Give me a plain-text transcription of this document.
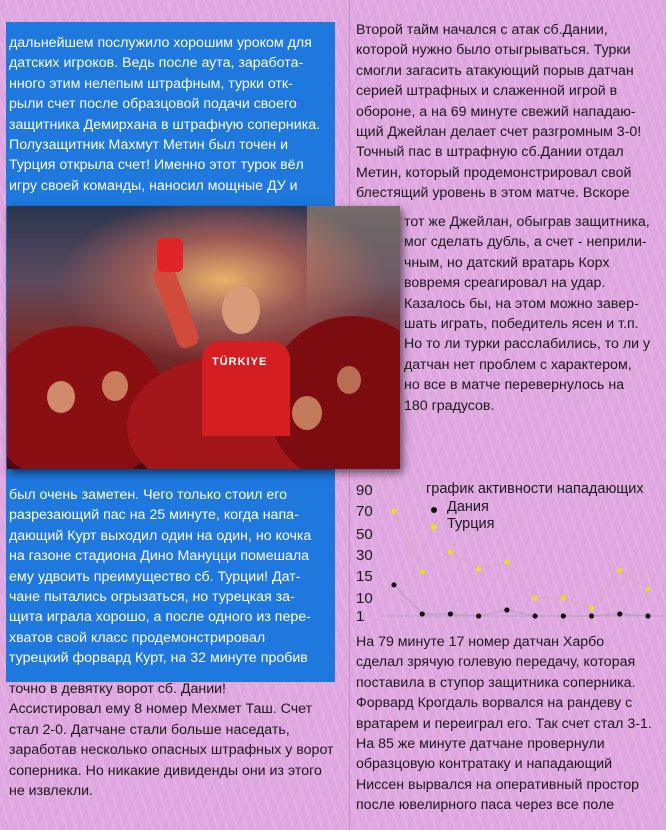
дальнейшем послужило хорошим уроком для
датских игроков. Ведь после аута, заработа-
нного этим нелепым штрафным, турки отк-
рыли счет после образцовой подачи своего
защитника Демирхана в штрафную соперника.
Полузащитник Махмут Метин был точен и
Турция открыла счет! Именно этот турок вёл
игру своей команды, наносил мощные ДУ и
TÜRKIYE
был очень заметен. Чего только стоил его
разрезающий пас на 25 минуте, когда напа-
дающий Курт выходил один на один, но кочка
на газоне стадиона Дино Мануцци помешала
ему удвоить преимущество сб. Турции! Дат-
чане пытались огрызаться, но турецкая за-
щита играла хорошо, а после одного из пере-
хватов свой класс продемонстрировал
турецкий форвард Курт, на 32 минуте пробив
точно в девятку ворот сб. Дании!
Ассистировал ему 8 номер Мехмет Таш. Счет
стал 2-0. Датчане стали больше наседать,
заработав несколько опасных штрафных у ворот
соперника. Но никакие дивиденды они из этого
не извлекли.
Второй тайм начался с атак сб.Дании,
которой нужно было отыгрываться. Турки
смогли загасить атакующий порыв датчан
серией штрафных и слаженной игрой в
обороне, а на 69 минуте свежий нападаю-
щий Джейлан делает счет разгромным 3-0!
Точный пас в штрафную сб.Дании отдал
Метин, который продемонстрировал свой
блестящий уровень в этом матче. Вскоре
тот же Джейлан, обыграв защитника,
мог сделать дубль, а счет - неприли-
чным, но датский вратарь Корх
вовремя среагировал на удар.
Казалось бы, на этом можно завер-
шать играть, победитель ясен и т.п.
Но то ли турки расслабились, то ли у
датчан нет проблем с характером,
но все в матче перевернулось на
180 градусов.
90
70
50
30
15
10
1
график активности нападающих
Дания
Турция
На 79 минуте 17 номер датчан Харбо
сделал зрячую голевую передачу, которая
поставила в ступор защитника соперника.
Форвард Крогдаль ворвался на рандеву с
вратарем и переиграл его. Так счет стал 3-1.
На 85 же минуте датчане провернули
образцовую контратаку и нападающий
Ниссен вырвался на оперативный простор
после ювелирного паса через все поле
